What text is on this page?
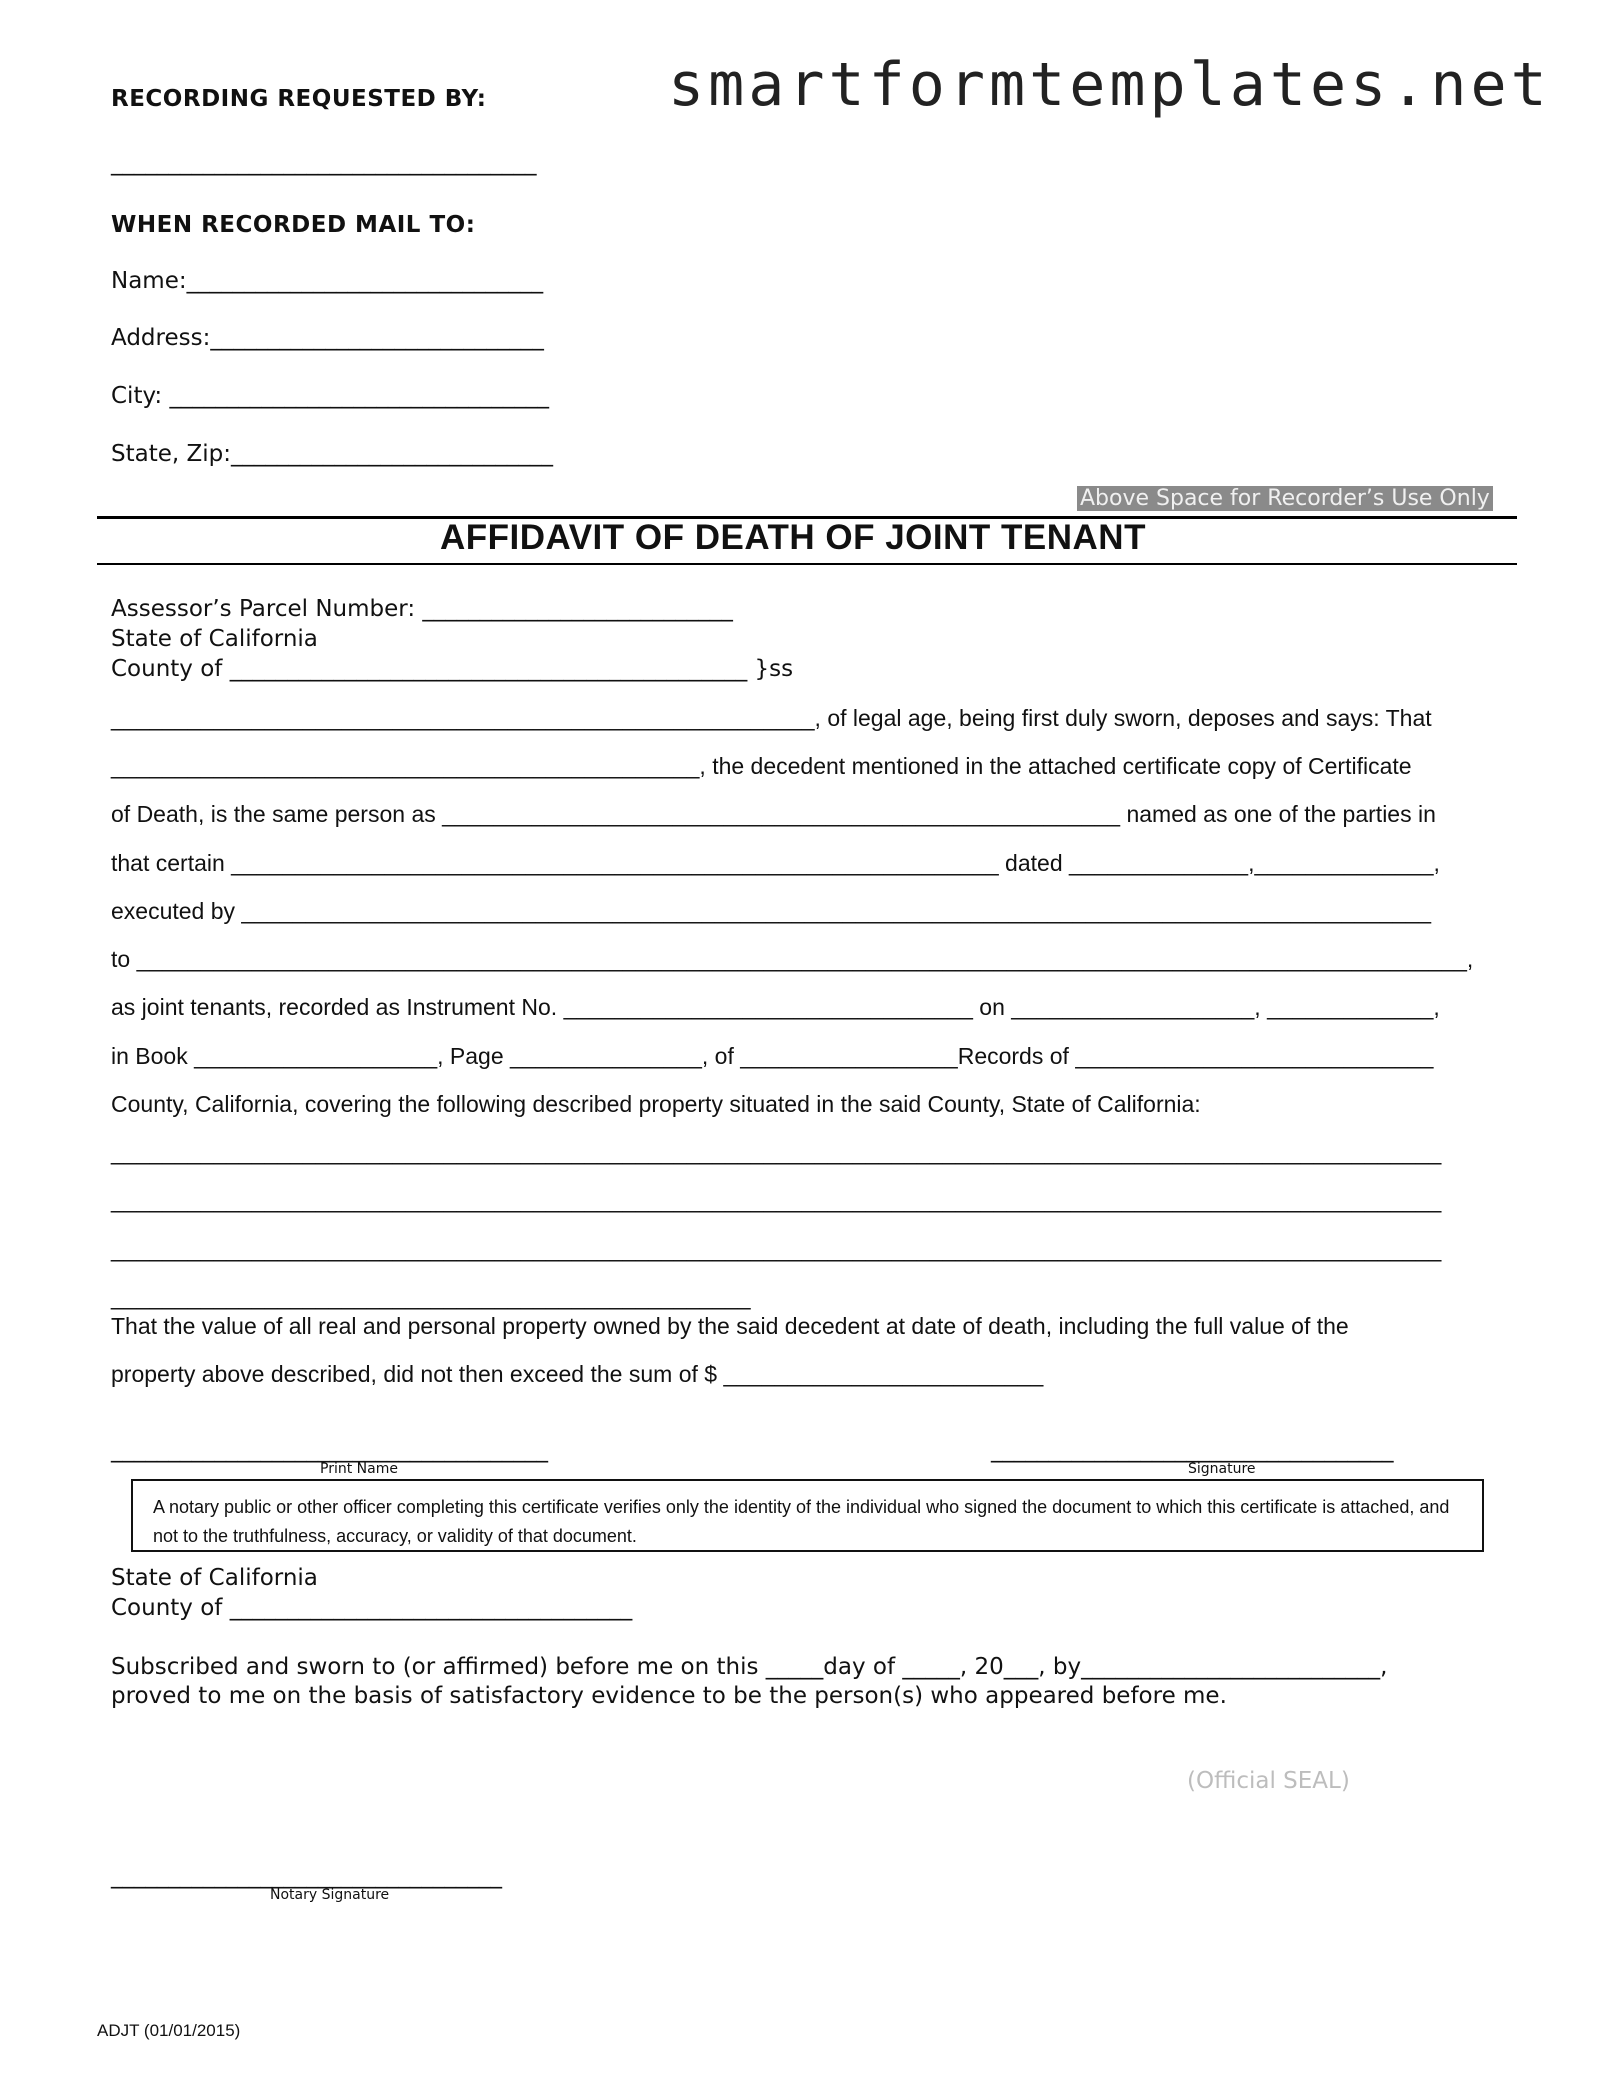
RECORDING REQUESTED BY:	smartformtemplates.net
_____________________________________
WHEN RECORDED MAIL TO:
Name:_______________________________
Address:_____________________________
City: _________________________________
State, Zip:____________________________
Above Space for Recorder’s Use Only
AFFIDAVIT OF DEATH OF JOINT TENANT
Assessor’s Parcel Number: ___________________________
State of California
County of _____________________________________________ }ss
_______________________________________________________, of legal age, being first duly sworn, deposes and says: That
______________________________________________, the decedent mentioned in the attached certificate copy of Certificate
of Death, is the same person as _____________________________________________________ named as one of the parties in
that certain ____________________________________________________________ dated ______________,______________,
executed by _____________________________________________________________________________________________
to ________________________________________________________________________________________________________,
as joint tenants, recorded as Instrument No. ________________________________ on ___________________, _____________,
in Book ___________________, Page _______________, of _________________Records of ____________________________
County, California, covering the following described property situated in the said County, State of California:
________________________________________________________________________________________________________
________________________________________________________________________________________________________
________________________________________________________________________________________________________
__________________________________________________
That the value of all real and personal property owned by the said decedent at date of death, including the full value of the
property above described, did not then exceed the sum of $ _________________________
______________________________________
Print Name
___________________________________
Signature
A notary public or other officer completing this certificate verifies only the identity of the individual who signed the document to which this certificate is attached, and not to the truthfulness, accuracy, or validity of that document.
State of California
County of ___________________________________
Subscribed and sworn to (or affirmed) before me on this _____day of _____, 20___, by__________________________,
proved to me on the basis of satisfactory evidence to be the person(s) who appeared before me.
(Official SEAL)
__________________________________
Notary Signature
ADJT (01/01/2015)
